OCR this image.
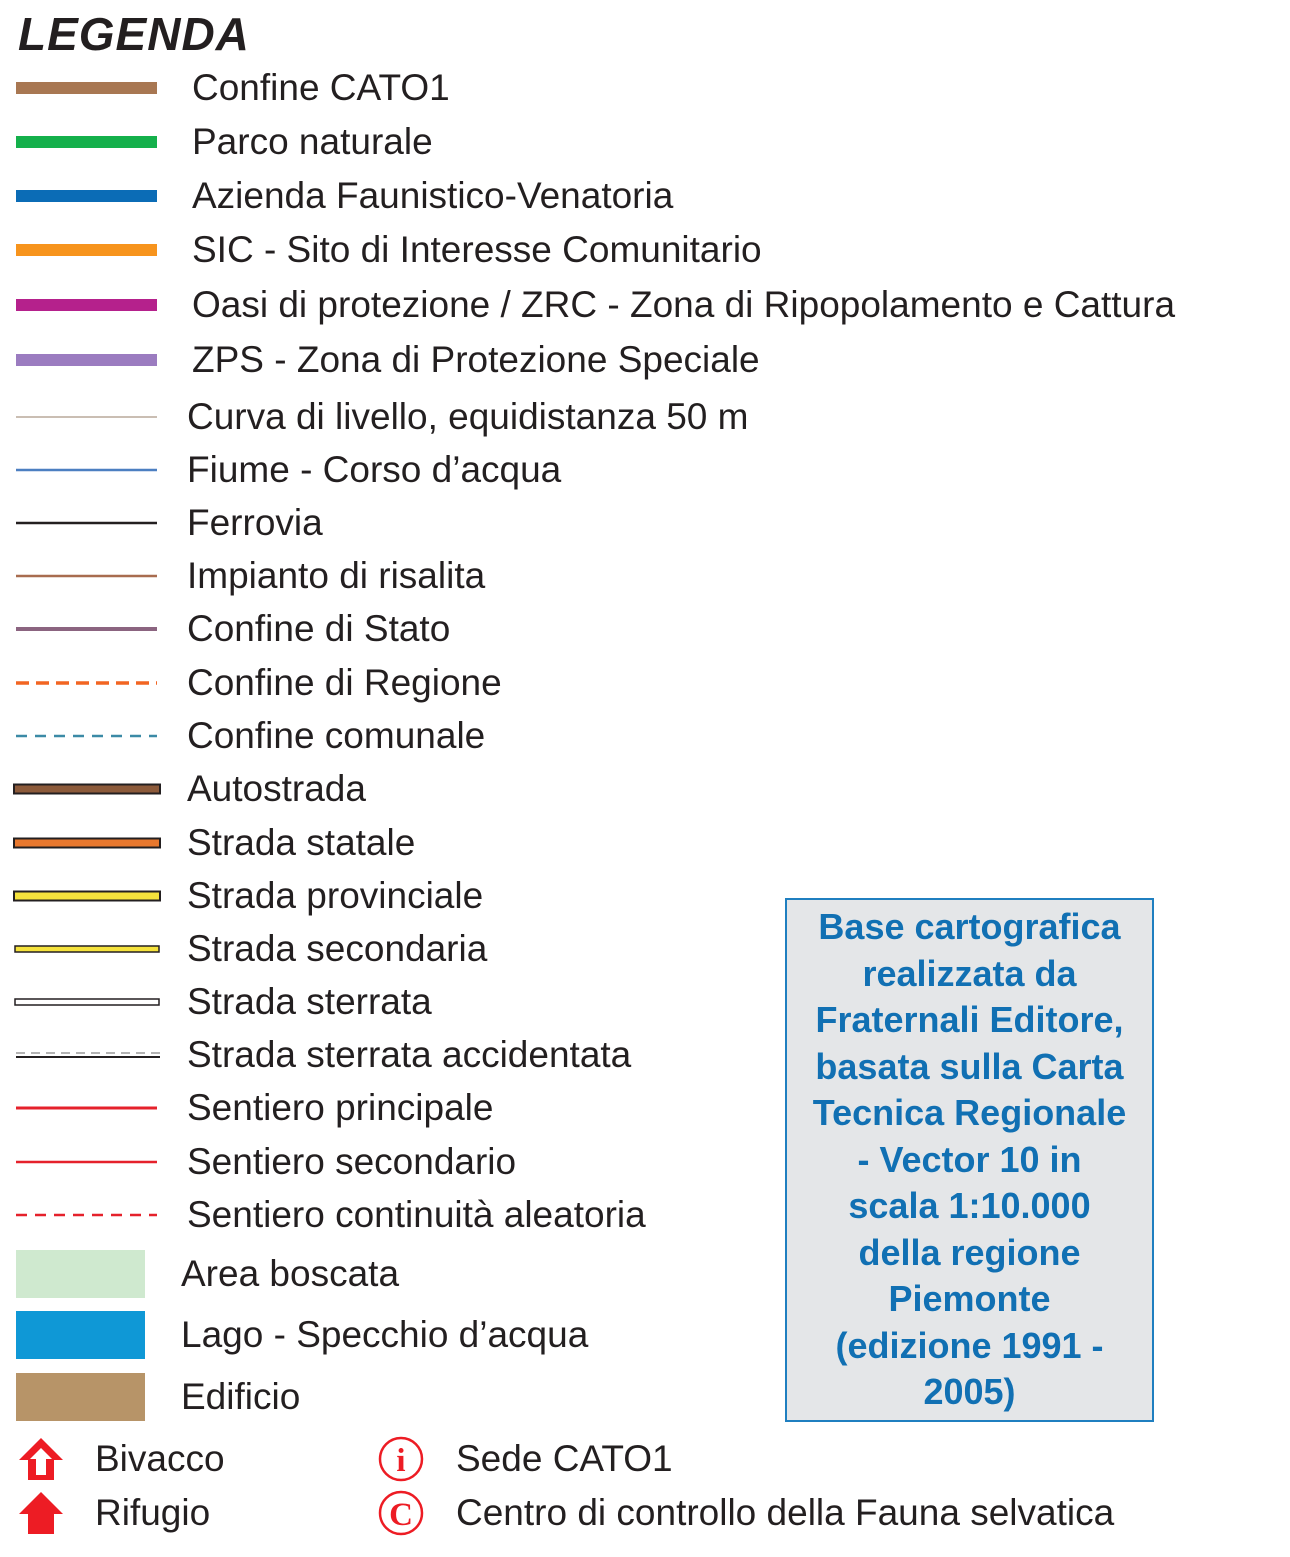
LEGENDA
Confine CATO1
Parco naturale
Azienda Faunistico-Venatoria
SIC - Sito di Interesse Comunitario
Oasi di protezione / ZRC - Zona di Ripopolamento e Cattura
ZPS - Zona di Protezione Speciale
Curva di livello, equidistanza 50 m
Fiume - Corso d’acqua
Ferrovia
Impianto di risalita
Confine di Stato
Confine di Regione
Confine comunale
Autostrada
Strada statale
Strada provinciale
Strada secondaria
Strada sterrata
Strada sterrata accidentata
Sentiero principale
Sentiero secondario
Sentiero continuità aleatoria
Area boscata
Lago - Specchio d’acqua
Edificio
Bivacco
Rifugio
i Sede CATO1
C Centro di controllo della Fauna selvatica
Base cartografica
realizzata da
Fraternali Editore,
basata sulla Carta
Tecnica Regionale
- Vector 10 in
scala 1:10.000
della regione
Piemonte
(edizione 1991 -
2005)
